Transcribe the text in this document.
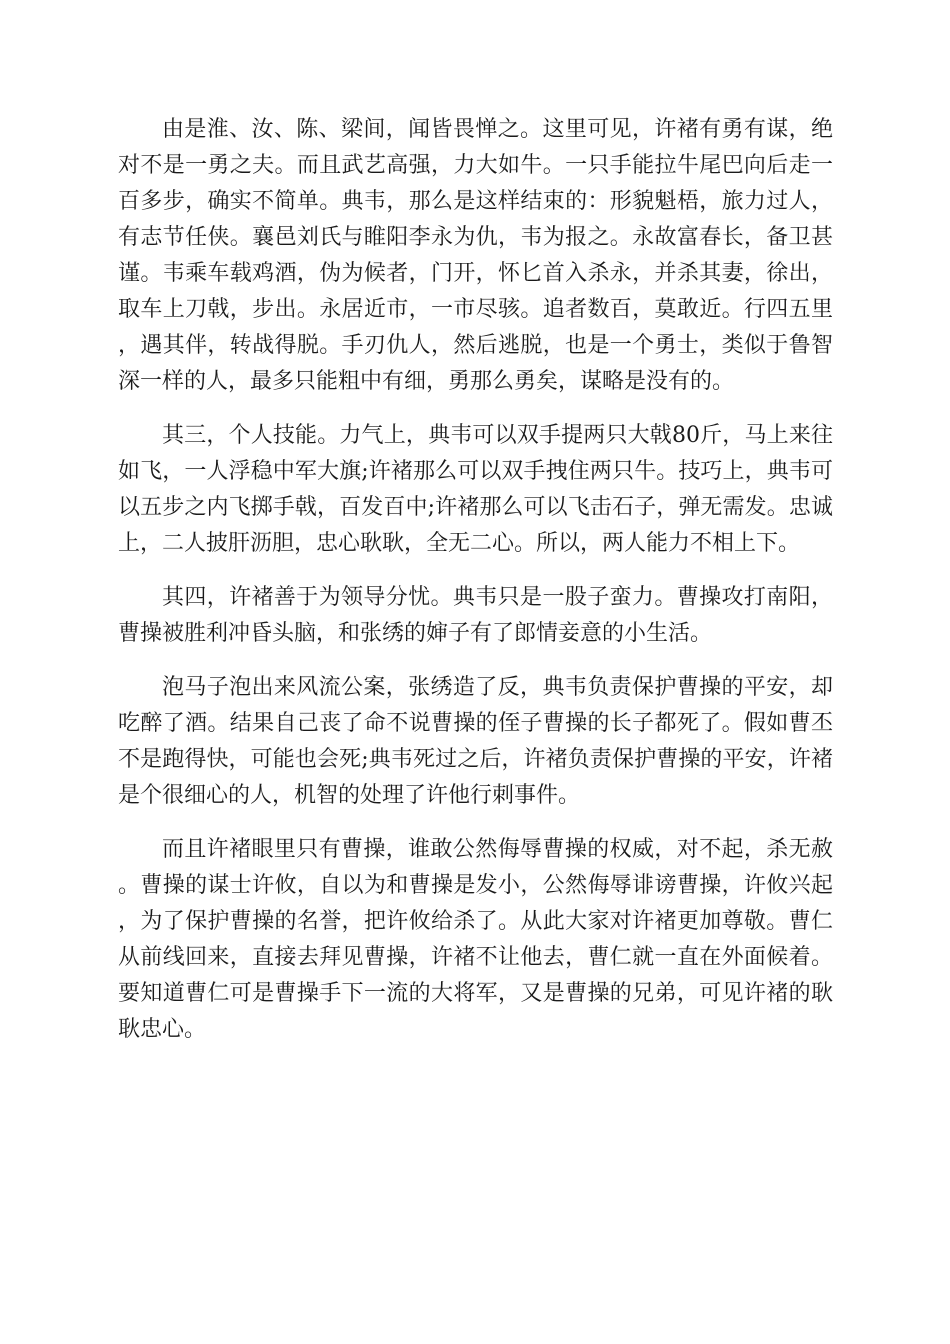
由是淮、汝、陈、梁间，闻皆畏惮之。这里可见，许褚有勇有谋，绝对不是一勇之夫。而且武艺高强，力大如牛。一只手能拉牛尾巴向后走一百多步，确实不简单。典韦，那么是这样结束的：形貌魁梧，旅力过人，有志节任侠。襄邑刘氏与睢阳李永为仇，韦为报之。永故富春长，备卫甚谨。韦乘车载鸡酒，伪为候者，门开，怀匕首入杀永，并杀其妻，徐出，取车上刀戟，步出。永居近市，一市尽骇。追者数百，莫敢近。行四五里，遇其伴，转战得脱。手刃仇人，然后逃脱，也是一个勇士，类似于鲁智深一样的人，最多只能粗中有细，勇那么勇矣，谋略是没有的。

其三，个人技能。力气上，典韦可以双手提两只大戟80斤，马上来往如飞，一人浮稳中军大旗;许褚那么可以双手拽住两只牛。技巧上，典韦可以五步之内飞掷手戟，百发百中;许褚那么可以飞击石子，弹无需发。忠诚上，二人披肝沥胆，忠心耿耿，全无二心。所以，两人能力不相上下。

其四，许褚善于为领导分忧。典韦只是一股子蛮力。曹操攻打南阳，曹操被胜利冲昏头脑，和张绣的婶子有了郎情妾意的小生活。

泡马子泡出来风流公案，张绣造了反，典韦负责保护曹操的平安，却吃醉了酒。结果自己丧了命不说曹操的侄子曹操的长子都死了。假如曹丕不是跑得快，可能也会死;典韦死过之后，许褚负责保护曹操的平安，许褚是个很细心的人，机智的处理了许他行刺事件。

而且许褚眼里只有曹操，谁敢公然侮辱曹操的权威，对不起，杀无赦。曹操的谋士许攸，自以为和曹操是发小，公然侮辱诽谤曹操，许攸兴起，为了保护曹操的名誉，把许攸给杀了。从此大家对许褚更加尊敬。曹仁从前线回来，直接去拜见曹操，许褚不让他去，曹仁就一直在外面候着。要知道曹仁可是曹操手下一流的大将军，又是曹操的兄弟，可见许褚的耿耿忠心。
